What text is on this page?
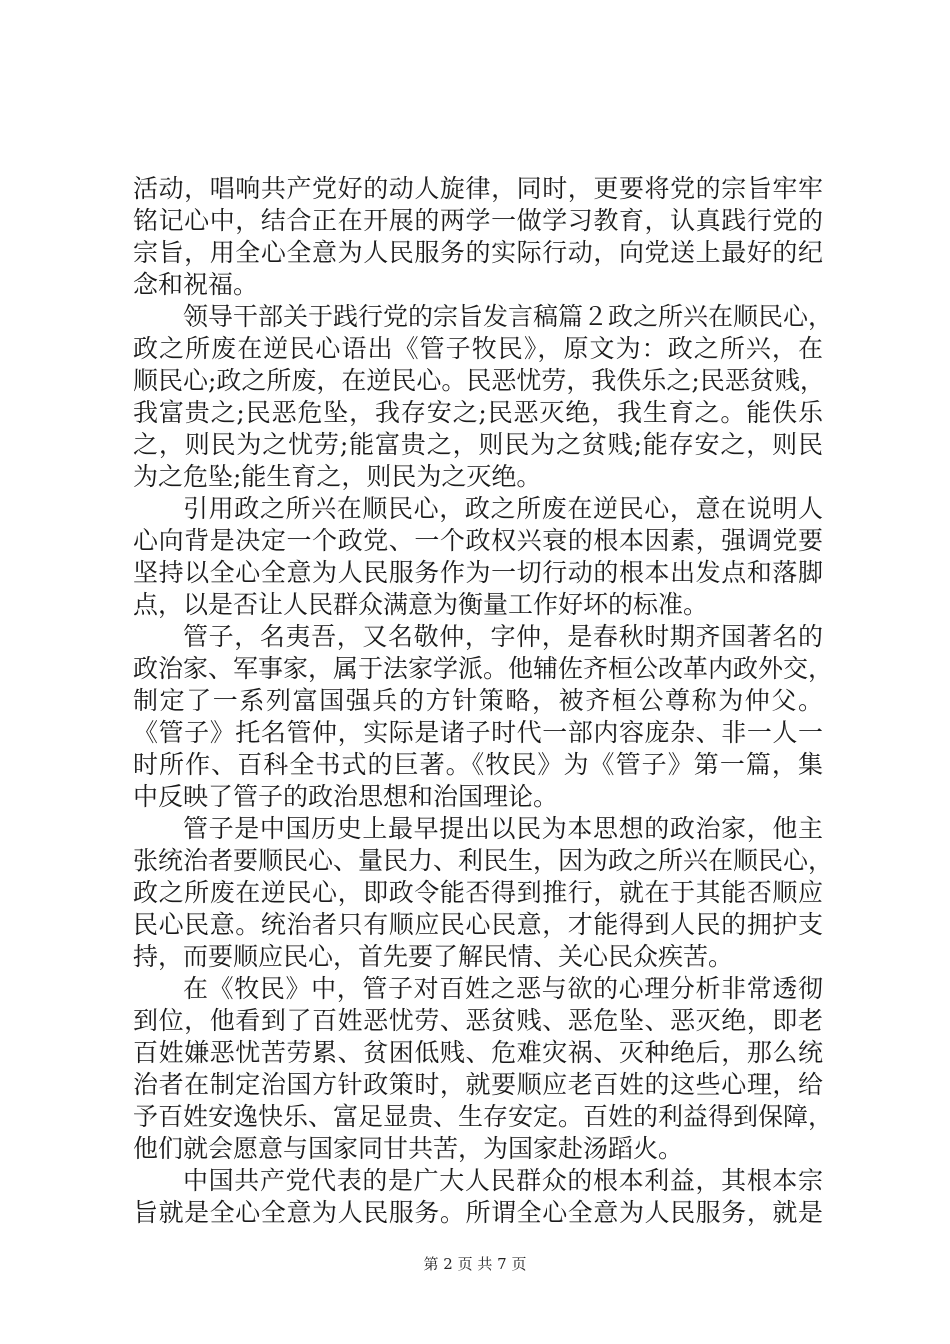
活动，唱响共产党好的动人旋律，同时，更要将党的宗旨牢牢
铭记心中，结合正在开展的两学一做学习教育，认真践行党的
宗旨，用全心全意为人民服务的实际行动，向党送上最好的纪
念和祝福。
领导干部关于践行党的宗旨发言稿篇２政之所兴在顺民心，
政之所废在逆民心语出《管子牧民》，原文为：政之所兴，在
顺民心;政之所废，在逆民心。民恶忧劳，我佚乐之;民恶贫贱，
我富贵之;民恶危坠，我存安之;民恶灭绝，我生育之。能佚乐
之，则民为之忧劳;能富贵之，则民为之贫贱;能存安之，则民
为之危坠;能生育之，则民为之灭绝。
引用政之所兴在顺民心，政之所废在逆民心，意在说明人
心向背是决定一个政党、一个政权兴衰的根本因素，强调党要
坚持以全心全意为人民服务作为一切行动的根本出发点和落脚
点，以是否让人民群众满意为衡量工作好坏的标准。
管子，名夷吾，又名敬仲，字仲，是春秋时期齐国著名的
政治家、军事家，属于法家学派。他辅佐齐桓公改革内政外交，
制定了一系列富国强兵的方针策略，被齐桓公尊称为仲父。
《管子》托名管仲，实际是诸子时代一部内容庞杂、非一人一
时所作、百科全书式的巨著。《牧民》为《管子》第一篇，集
中反映了管子的政治思想和治国理论。
管子是中国历史上最早提出以民为本思想的政治家，他主
张统治者要顺民心、量民力、利民生，因为政之所兴在顺民心，
政之所废在逆民心，即政令能否得到推行，就在于其能否顺应
民心民意。统治者只有顺应民心民意，才能得到人民的拥护支
持，而要顺应民心，首先要了解民情、关心民众疾苦。
在《牧民》中，管子对百姓之恶与欲的心理分析非常透彻
到位，他看到了百姓恶忧劳、恶贫贱、恶危坠、恶灭绝，即老
百姓嫌恶忧苦劳累、贫困低贱、危难灾祸、灭种绝后，那么统
治者在制定治国方针政策时，就要顺应老百姓的这些心理，给
予百姓安逸快乐、富足显贵、生存安定。百姓的利益得到保障，
他们就会愿意与国家同甘共苦，为国家赴汤蹈火。
中国共产党代表的是广大人民群众的根本利益，其根本宗
旨就是全心全意为人民服务。所谓全心全意为人民服务，就是
第 2 页 共 7 页
